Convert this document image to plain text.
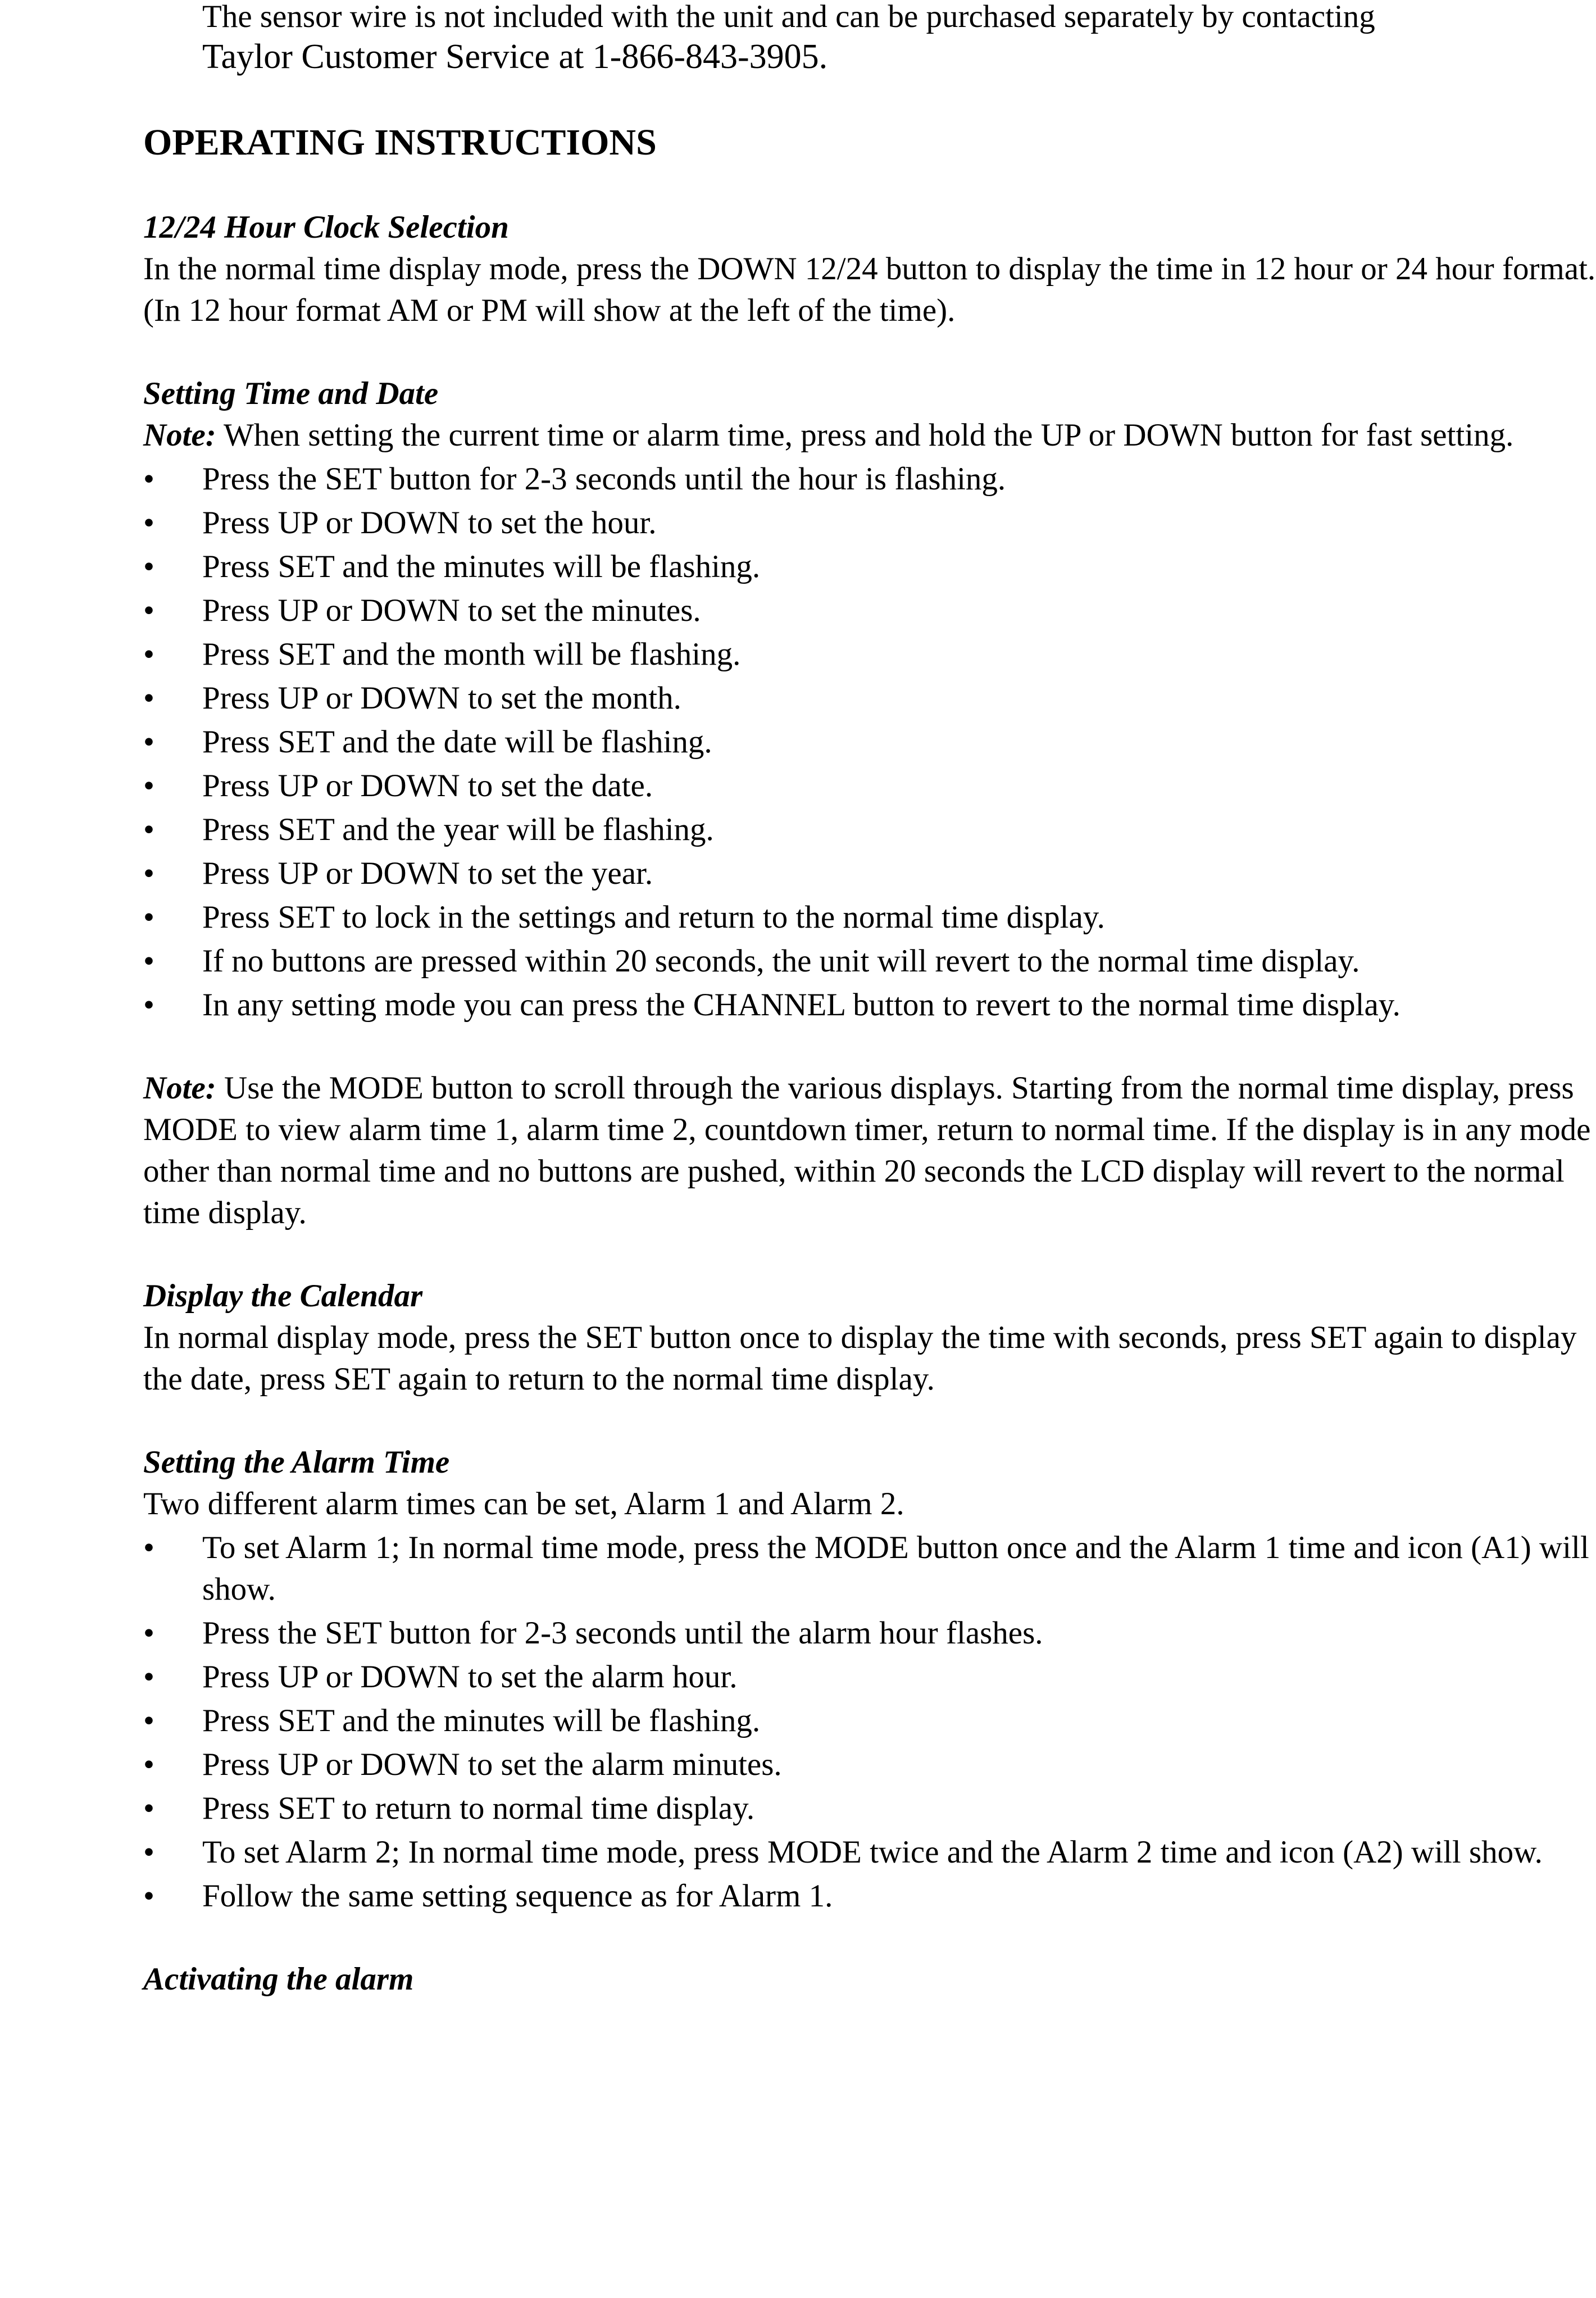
The sensor wire is not included with the unit and can be purchased separately by contacting
Taylor Customer Service at 1-866-843-3905.
OPERATING INSTRUCTIONS

12/24 Hour Clock Selection

In the normal time display mode, press the DOWN 12/24 button to display the time in 12 hour or 24 hour format. (In 12 hour format AM or PM will show at the left of the time).

Setting Time and Date

Note: When setting the current time or alarm time, press and hold the UP or DOWN button for fast setting.

•	Press the SET button for 2-3 seconds until the hour is flashing.
•	Press UP or DOWN to set the hour.
•	Press SET and the minutes will be flashing.
•	Press UP or DOWN to set the minutes.
•	Press SET and the month will be flashing.
•	Press UP or DOWN to set the month.
•	Press SET and the date will be flashing.
•	Press UP or DOWN to set the date.
•	Press SET and the year will be flashing.
•	Press UP or DOWN to set the year.
•	Press SET to lock in the settings and return to the normal time display.
•	If no buttons are pressed within 20 seconds, the unit will revert to the normal time display.
•	In any setting mode you can press the CHANNEL button to revert to the normal time display.

Note: Use the MODE button to scroll through the various displays. Starting from the normal time display, press MODE to view alarm time 1, alarm time 2, countdown timer, return to normal time. If the display is in any mode other than normal time and no buttons are pushed, within 20 seconds the LCD display will revert to the normal time display.

Display the Calendar

In normal display mode, press the SET button once to display the time with seconds, press SET again to display the date, press SET again to return to the normal time display.

Setting the Alarm Time

Two different alarm times can be set, Alarm 1 and Alarm 2.

•	To set Alarm 1; In normal time mode, press the MODE button once and the Alarm 1 time and icon (A1) will show.
•	Press the SET button for 2-3 seconds until the alarm hour flashes.
•	Press UP or DOWN to set the alarm hour.
•	Press SET and the minutes will be flashing.
•	Press UP or DOWN to set the alarm minutes.
•	Press SET to return to normal time display.
•	To set Alarm 2; In normal time mode, press MODE twice and the Alarm 2 time and icon (A2) will show.
•	Follow the same setting sequence as for Alarm 1.

Activating the alarm
